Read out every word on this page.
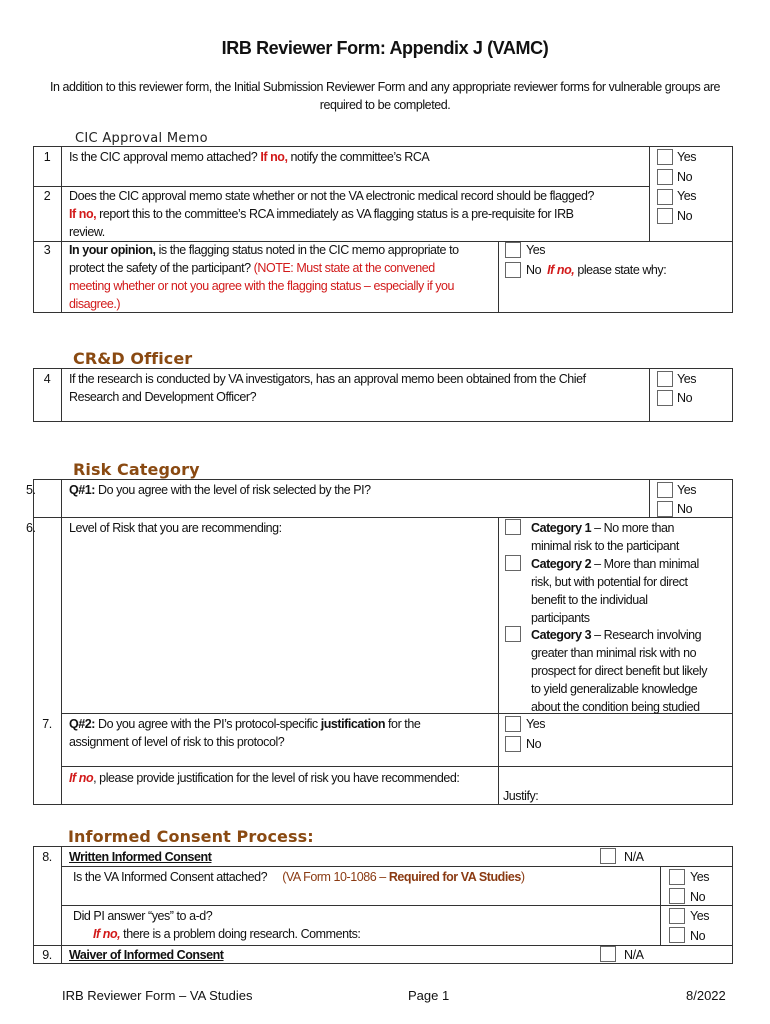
IRB Reviewer Form: Appendix J (VAMC)
In addition to this reviewer form, the Initial Submission Reviewer Form and any appropriate reviewer forms for vulnerable groups are required to be completed.
CIC Approval Memo
1	Is the CIC approval memo attached? If no, notify the committee’s RCA	Yes
No
2	Does the CIC approval memo state whether or not the VA electronic medical record should be flagged?
If no, report this to the committee’s RCA immediately as VA flagging status is a pre-requisite for IRB
review.
Yes
No
3	In your opinion, is the flagging status noted in the CIC memo appropriate to
protect the safety of the participant? (NOTE: Must state at the convened
meeting whether or not you agree with the flagging status – especially if you
disagree.)
Yes
No If no, please state why:
CR&D Officer
4	If the research is conducted by VA investigators, has an approval memo been obtained from the Chief
Research and Development Officer?
Yes
No
Risk Category
5.	Q#1: Do you agree with the level of risk selected by the PI?	Yes
No
6.	Level of Risk that you are recommending:	Category 1 – No more than
minimal risk to the participant
Category 2 – More than minimal
risk, but with potential for direct
benefit to the individual
participants
Category 3 – Research involving
greater than minimal risk with no
prospect for direct benefit but likely
to yield generalizable knowledge
about the condition being studied
7.	Q#2: Do you agree with the PI’s protocol-specific justification for the
assignment of level of risk to this protocol?
Yes
No
If no, please provide justification for the level of risk you have recommended:
Justify:
Informed Consent Process:
8.	Written Informed Consent	N/A
Is the VA Informed Consent attached? (VA Form 10-1086 – Required for VA Studies)	Yes
No
Did PI answer “yes” to a-d?
If no, there is a problem doing research. Comments:
Yes
No
9.	Waiver of Informed Consent	N/A
IRB Reviewer Form – VA Studies	Page 1	8/2022
